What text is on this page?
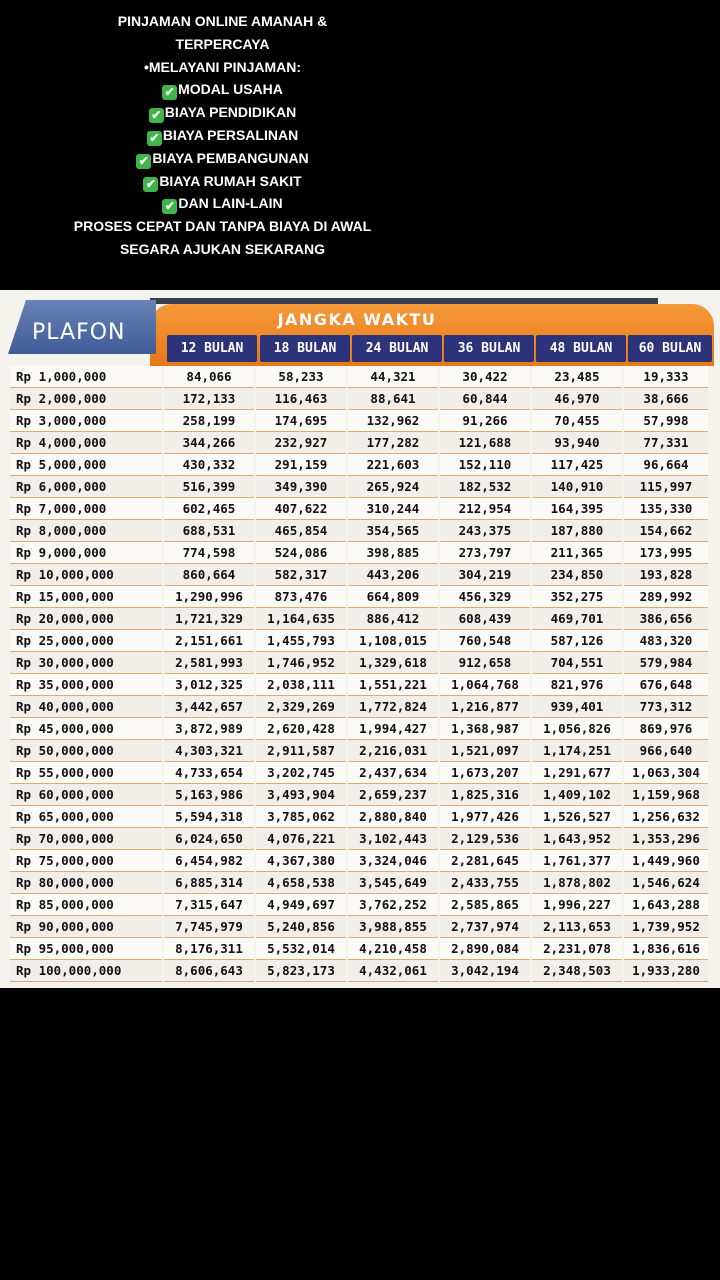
PINJAMAN ONLINE AMANAH &
TERPERCAYA
•MELAYANI PINJAMAN:
✔ MODAL USAHA
✔ BIAYA PENDIDIKAN
✔ BIAYA PERSALINAN
✔ BIAYA PEMBANGUNAN
✔ BIAYA RUMAH SAKIT
✔ DAN LAIN-LAIN
PROSES CEPAT DAN TANPA BIAYA DI AWAL
SEGARA AJUKAN SEKARANG
PLAFON
JANGKA WAKTU
12 BULAN	18 BULAN	24 BULAN	36 BULAN	48 BULAN	60 BULAN
Rp 1,000,000	84,066	58,233	44,321	30,422	23,485	19,333
Rp 2,000,000	172,133	116,463	88,641	60,844	46,970	38,666
Rp 3,000,000	258,199	174,695	132,962	91,266	70,455	57,998
Rp 4,000,000	344,266	232,927	177,282	121,688	93,940	77,331
Rp 5,000,000	430,332	291,159	221,603	152,110	117,425	96,664
Rp 6,000,000	516,399	349,390	265,924	182,532	140,910	115,997
Rp 7,000,000	602,465	407,622	310,244	212,954	164,395	135,330
Rp 8,000,000	688,531	465,854	354,565	243,375	187,880	154,662
Rp 9,000,000	774,598	524,086	398,885	273,797	211,365	173,995
Rp 10,000,000	860,664	582,317	443,206	304,219	234,850	193,828
Rp 15,000,000	1,290,996	873,476	664,809	456,329	352,275	289,992
Rp 20,000,000	1,721,329	1,164,635	886,412	608,439	469,701	386,656
Rp 25,000,000	2,151,661	1,455,793	1,108,015	760,548	587,126	483,320
Rp 30,000,000	2,581,993	1,746,952	1,329,618	912,658	704,551	579,984
Rp 35,000,000	3,012,325	2,038,111	1,551,221	1,064,768	821,976	676,648
Rp 40,000,000	3,442,657	2,329,269	1,772,824	1,216,877	939,401	773,312
Rp 45,000,000	3,872,989	2,620,428	1,994,427	1,368,987	1,056,826	869,976
Rp 50,000,000	4,303,321	2,911,587	2,216,031	1,521,097	1,174,251	966,640
Rp 55,000,000	4,733,654	3,202,745	2,437,634	1,673,207	1,291,677	1,063,304
Rp 60,000,000	5,163,986	3,493,904	2,659,237	1,825,316	1,409,102	1,159,968
Rp 65,000,000	5,594,318	3,785,062	2,880,840	1,977,426	1,526,527	1,256,632
Rp 70,000,000	6,024,650	4,076,221	3,102,443	2,129,536	1,643,952	1,353,296
Rp 75,000,000	6,454,982	4,367,380	3,324,046	2,281,645	1,761,377	1,449,960
Rp 80,000,000	6,885,314	4,658,538	3,545,649	2,433,755	1,878,802	1,546,624
Rp 85,000,000	7,315,647	4,949,697	3,762,252	2,585,865	1,996,227	1,643,288
Rp 90,000,000	7,745,979	5,240,856	3,988,855	2,737,974	2,113,653	1,739,952
Rp 95,000,000	8,176,311	5,532,014	4,210,458	2,890,084	2,231,078	1,836,616
Rp 100,000,000	8,606,643	5,823,173	4,432,061	3,042,194	2,348,503	1,933,280
